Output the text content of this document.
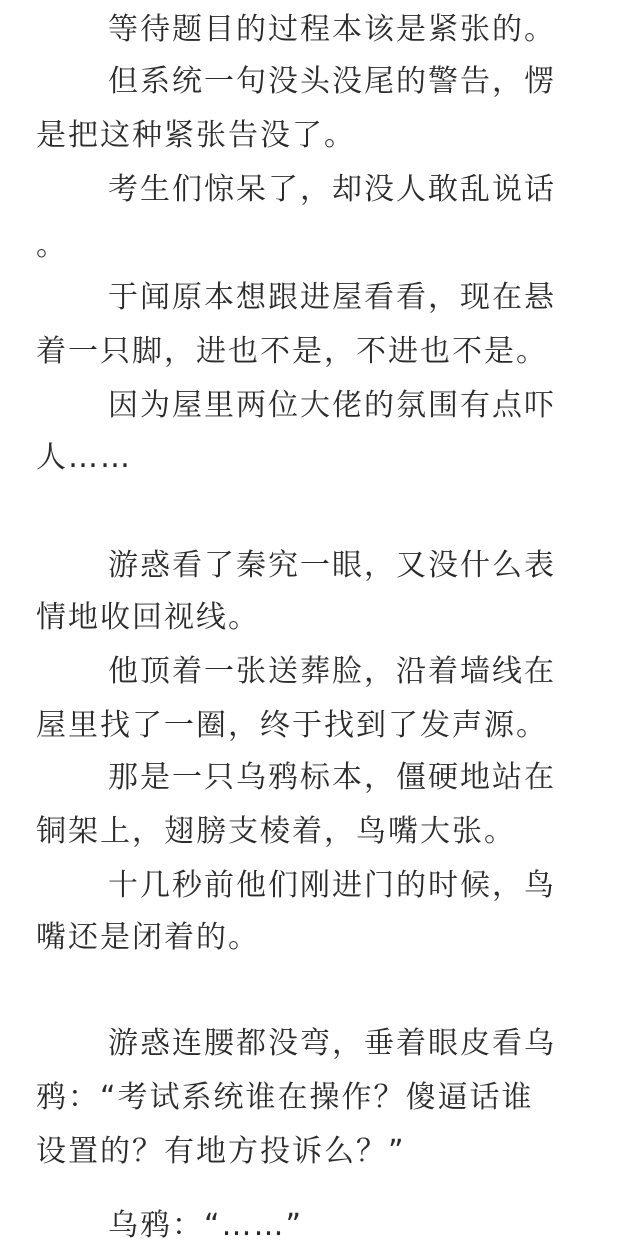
等待题目的过程本该是紧张的。
但系统一句没头没尾的警告，愣
是把这种紧张告没了。
考生们惊呆了，却没人敢乱说话
。
于闻原本想跟进屋看看，现在悬
着一只脚，进也不是，不进也不是。
因为屋里两位大佬的氛围有点吓
人……
游惑看了秦究一眼，又没什么表
情地收回视线。
他顶着一张送葬脸，沿着墙线在
屋里找了一圈，终于找到了发声源。
那是一只乌鸦标本，僵硬地站在
铜架上，翅膀支棱着，鸟嘴大张。
十几秒前他们刚进门的时候，鸟
嘴还是闭着的。
游惑连腰都没弯，垂着眼皮看乌
鸦：“考试系统谁在操作？傻逼话谁
设置的？有地方投诉么？”
乌鸦：“……”
